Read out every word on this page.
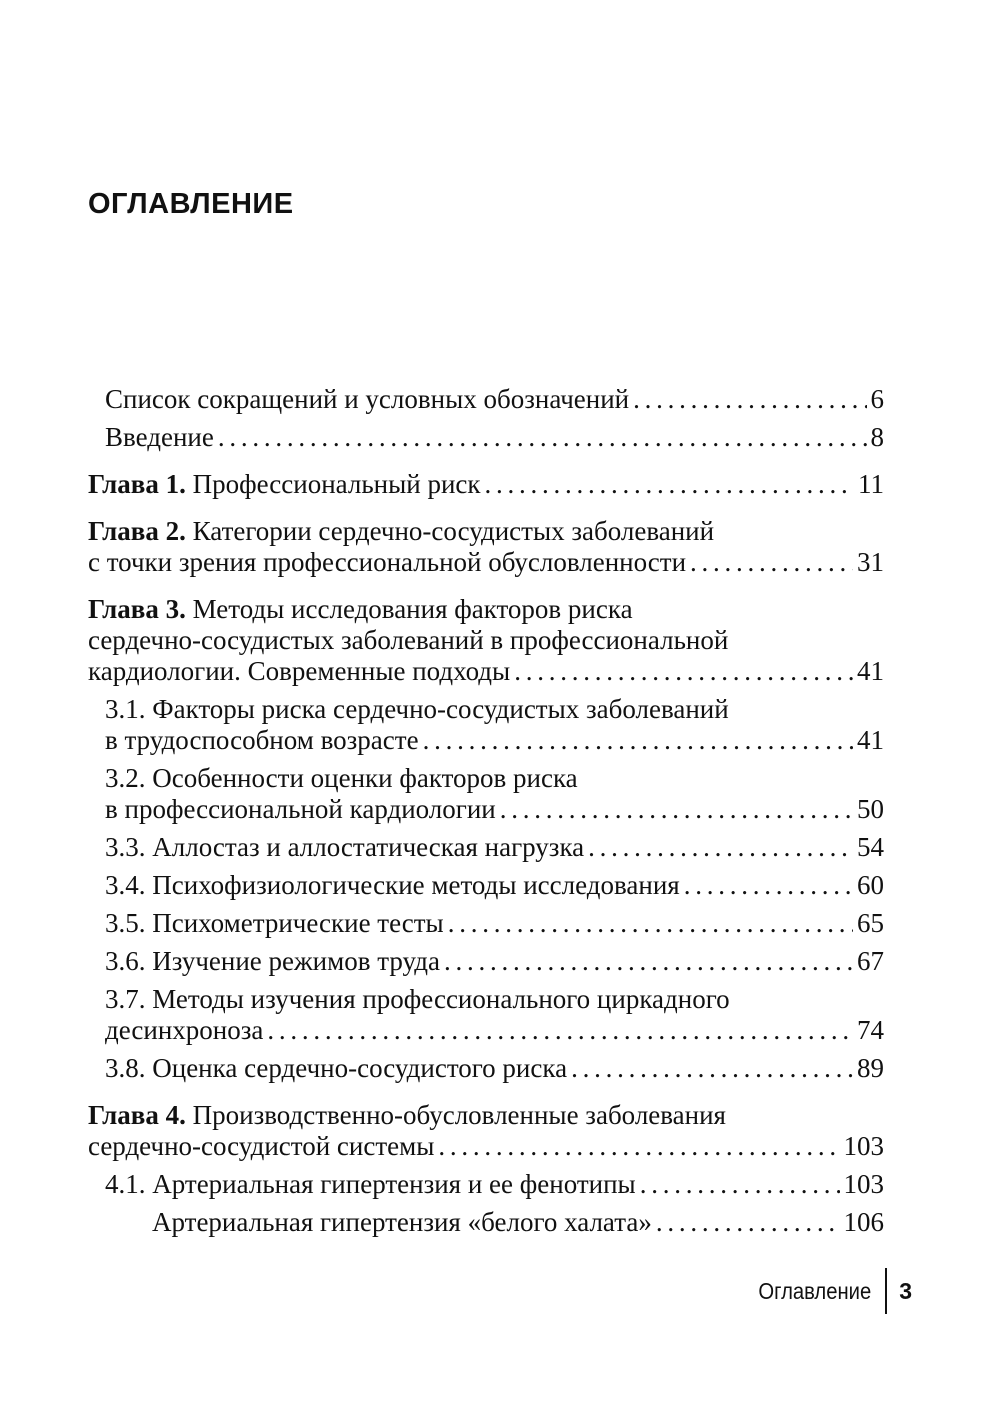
ОГЛАВЛЕНИЕ
Список сокращений и условных обозначений . . .	6
Введение . . .	8
Глава 1. Профессиональный риск . . .	11
Глава 2. Категории сердечно-сосудистых заболеваний
с точки зрения профессиональной обусловленности . . .	31
Глава 3. Методы исследования факторов риска
сердечно-сосудистых заболеваний в профессиональной
кардиологии. Современные подходы . . .	41
3.1. Факторы риска сердечно-сосудистых заболеваний
в трудоспособном возрасте . . .	41
3.2. Особенности оценки факторов риска
в профессиональной кардиологии . . .	50
3.3. Аллостаз и аллостатическая нагрузка . . .	54
3.4. Психофизиологические методы исследования . . .	60
3.5. Психометрические тесты . . .	65
3.6. Изучение режимов труда . . .	67
3.7. Методы изучения профессионального циркадного
десинхроноза . . .	74
3.8. Оценка сердечно-сосудистого риска . . .	89
Глава 4. Производственно-обусловленные заболевания
сердечно-сосудистой системы . . .	103
4.1. Артериальная гипертензия и ее фенотипы . . .	103
Артериальная гипертензия «белого халата» . . .	106
Оглавление 3
